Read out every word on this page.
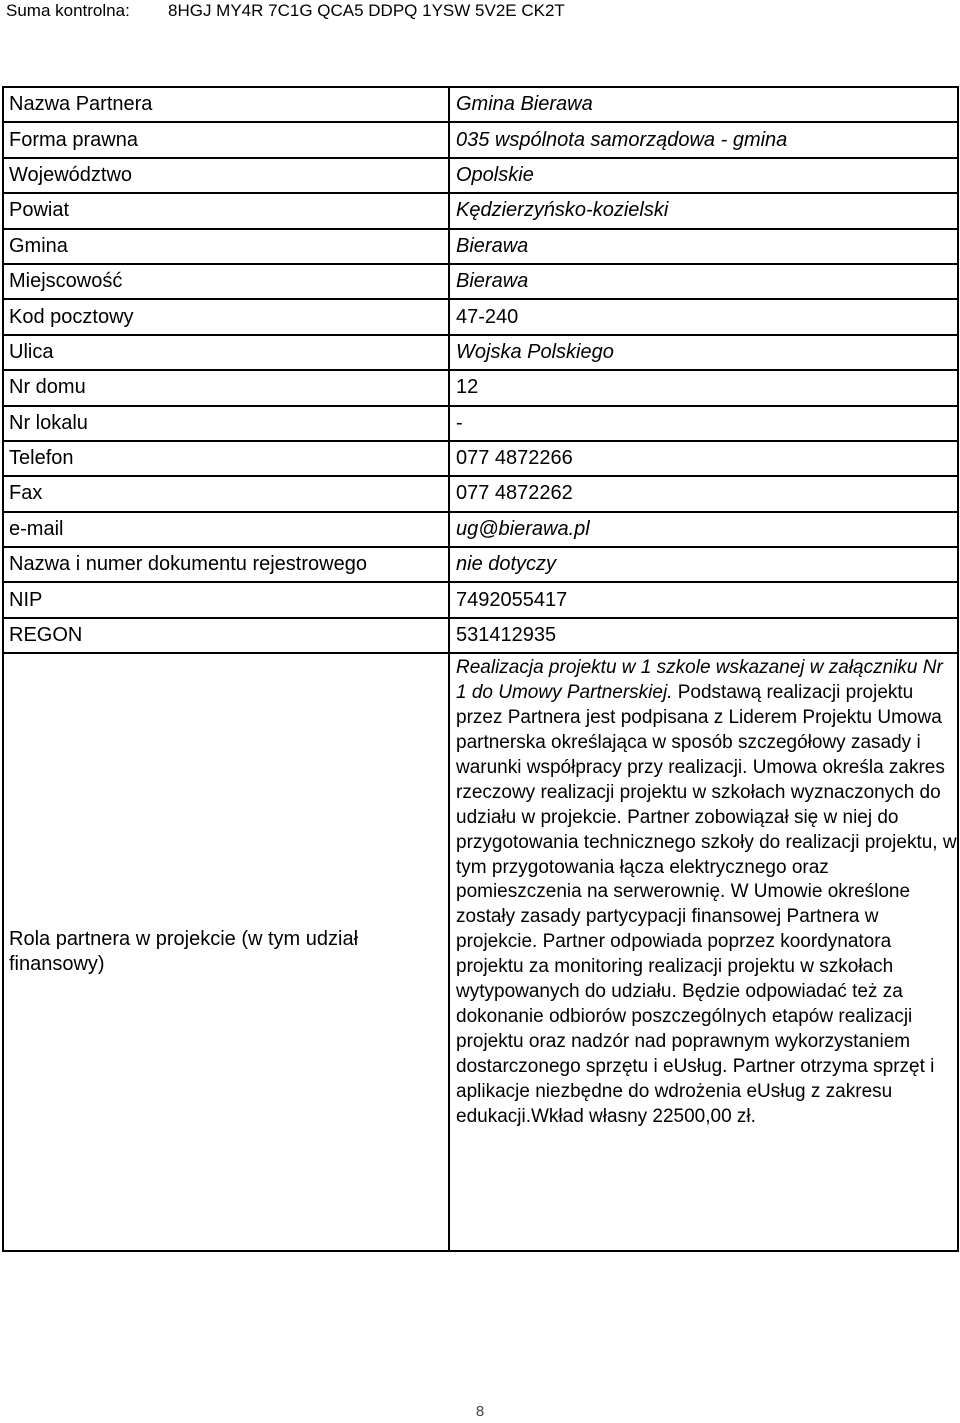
Suma kontrolna: 8HGJ MY4R 7C1G QCA5 DDPQ 1YSW 5V2E CK2T
Nazwa Partnera	Gmina Bierawa
Forma prawna	035 wspólnota samorządowa - gmina
Województwo	Opolskie
Powiat	Kędzierzyńsko-kozielski
Gmina	Bierawa
Miejscowość	Bierawa
Kod pocztowy	47-240
Ulica	Wojska Polskiego
Nr domu	12
Nr lokalu	-
Telefon	077 4872266
Fax	077 4872262
e-mail	ug@bierawa.pl
Nazwa i numer dokumentu rejestrowego	nie dotyczy
NIP	7492055417
REGON	531412935
Rola partnera w projekcie (w tym udział finansowy)	Realizacja projektu w 1 szkole wskazanej w załączniku Nr 1 do Umowy Partnerskiej. Podstawą realizacji projektu przez Partnera jest podpisana z Liderem Projektu Umowa partnerska określająca w sposób szczegółowy zasady i warunki współpracy przy realizacji. Umowa określa zakres rzeczowy realizacji projektu w szkołach wyznaczonych do udziału w projekcie. Partner zobowiązał się w niej do przygotowania technicznego szkoły do realizacji projektu, w tym przygotowania łącza elektrycznego oraz pomieszczenia na serwerownię. W Umowie określone zostały zasady partycypacji finansowej Partnera w projekcie. Partner odpowiada poprzez koordynatora projektu za monitoring realizacji projektu w szkołach wytypowanych do udziału. Będzie odpowiadać też za dokonanie odbiorów poszczególnych etapów realizacji projektu oraz nadzór nad poprawnym wykorzystaniem dostarczonego sprzętu i eUsług. Partner otrzyma sprzęt i aplikacje niezbędne do wdrożenia eUsług z zakresu edukacji.Wkład własny 22500,00 zł.
8
